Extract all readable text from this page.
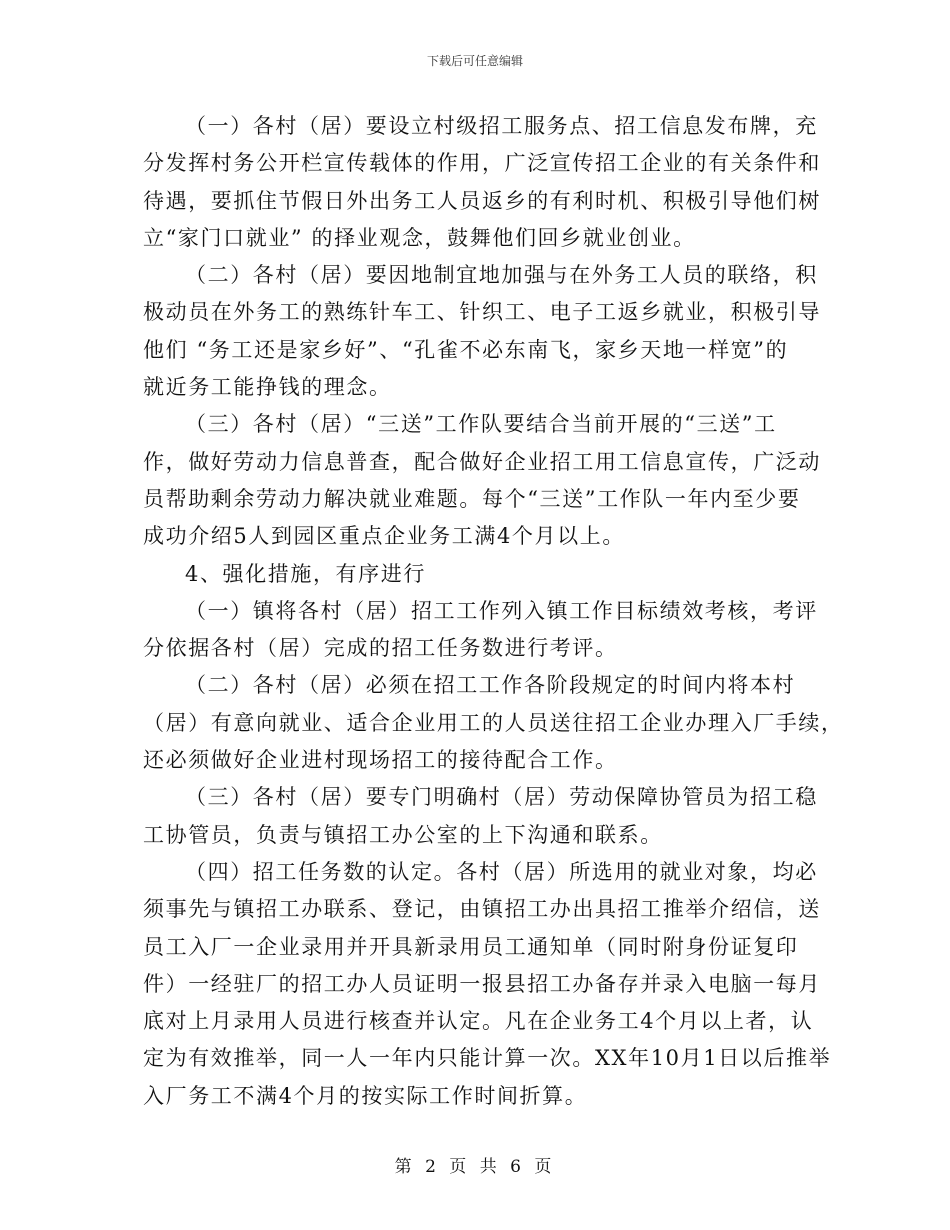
下载后可任意编辑
（一）各村（居）要设立村级招工服务点、招工信息发布牌，充
分发挥村务公开栏宣传载体的作用，广泛宣传招工企业的有关条件和
待遇，要抓住节假日外出务工人员返乡的有利时机、积极引导他们树
立“家门口就业” 的择业观念，鼓舞他们回乡就业创业。
（二）各村（居）要因地制宜地加强与在外务工人员的联络，积
极动员在外务工的熟练针车工、针织工、电子工返乡就业，积极引导
他们 “务工还是家乡好”、“孔雀不必东南飞，家乡天地一样宽”的
就近务工能挣钱的理念。
（三）各村（居）“三送”工作队要结合当前开展的“三送”工
作，做好劳动力信息普查，配合做好企业招工用工信息宣传，广泛动
员帮助剩余劳动力解决就业难题。每个“三送”工作队一年内至少要
成功介绍5人到园区重点企业务工满4个月以上。
4、强化措施，有序进行
（一）镇将各村（居）招工工作列入镇工作目标绩效考核，考评
分依据各村（居）完成的招工任务数进行考评。
（二）各村（居）必须在招工工作各阶段规定的时间内将本村
（居）有意向就业、适合企业用工的人员送往招工企业办理入厂手续，
还必须做好企业进村现场招工的接待配合工作。
（三）各村（居）要专门明确村（居）劳动保障协管员为招工稳
工协管员，负责与镇招工办公室的上下沟通和联系。
（四）招工任务数的认定。各村（居）所选用的就业对象，均必
须事先与镇招工办联系、登记，由镇招工办出具招工推举介绍信，送
员工入厂一企业录用并开具新录用员工通知单（同时附身份证复印
件）一经驻厂的招工办人员证明一报县招工办备存并录入电脑一每月
底对上月录用人员进行核查并认定。凡在企业务工4个月以上者，认
定为有效推举，同一人一年内只能计算一次。XX年10月1日以后推举
入厂务工不满4个月的按实际工作时间折算。
第 2 页 共 6 页
